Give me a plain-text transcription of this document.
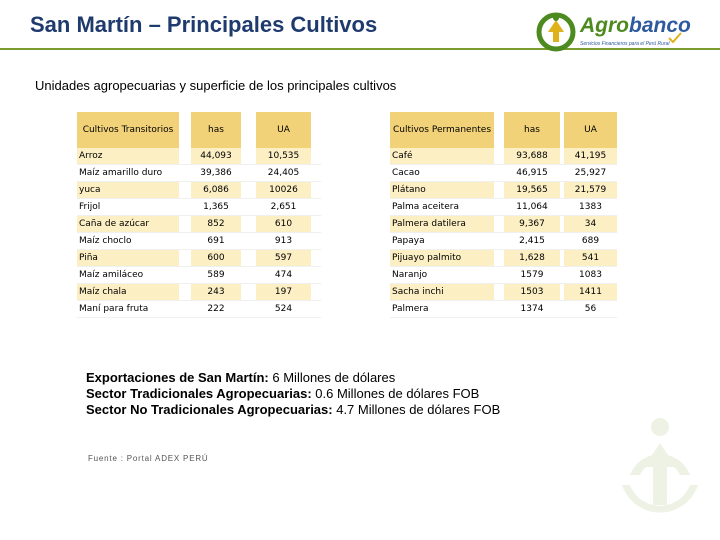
San Martín – Principales Cultivos	Agrobanco
Servicios Financieros para el Perú Rural
Unidades agropecuarias y superficie de los principales cultivos
Cultivos Transitorios		has		UA	
Arroz		44,093		10,535	
Maíz amarillo duro		39,386		24,405	
yuca		6,086		10026	
Frijol		1,365		2,651	
Caña de azúcar		852		610	
Maíz choclo		691		913	
Piña		600		597	
Maíz amiláceo		589		474	
Maíz chala		243		197	
Maní para fruta		222		524	
Cultivos Permanentes		has		UA
Café		93,688		41,195
Cacao		46,915		25,927
Plátano		19,565		21,579
Palma aceitera		11,064		1383
Palmera datilera		9,367		34
Papaya		2,415		689
Pijuayo palmito		1,628		541
Naranjo		1579		1083
Sacha inchi		1503		1411
Palmera		1374		56
Exportaciones de San Martín: 6 Millones de dólares
Sector Tradicionales Agropecuarias: 0.6 Millones de dólares FOB
Sector No Tradicionales Agropecuarias: 4.7 Millones de dólares FOB
Fuente : Portal ADEX PERÚ
